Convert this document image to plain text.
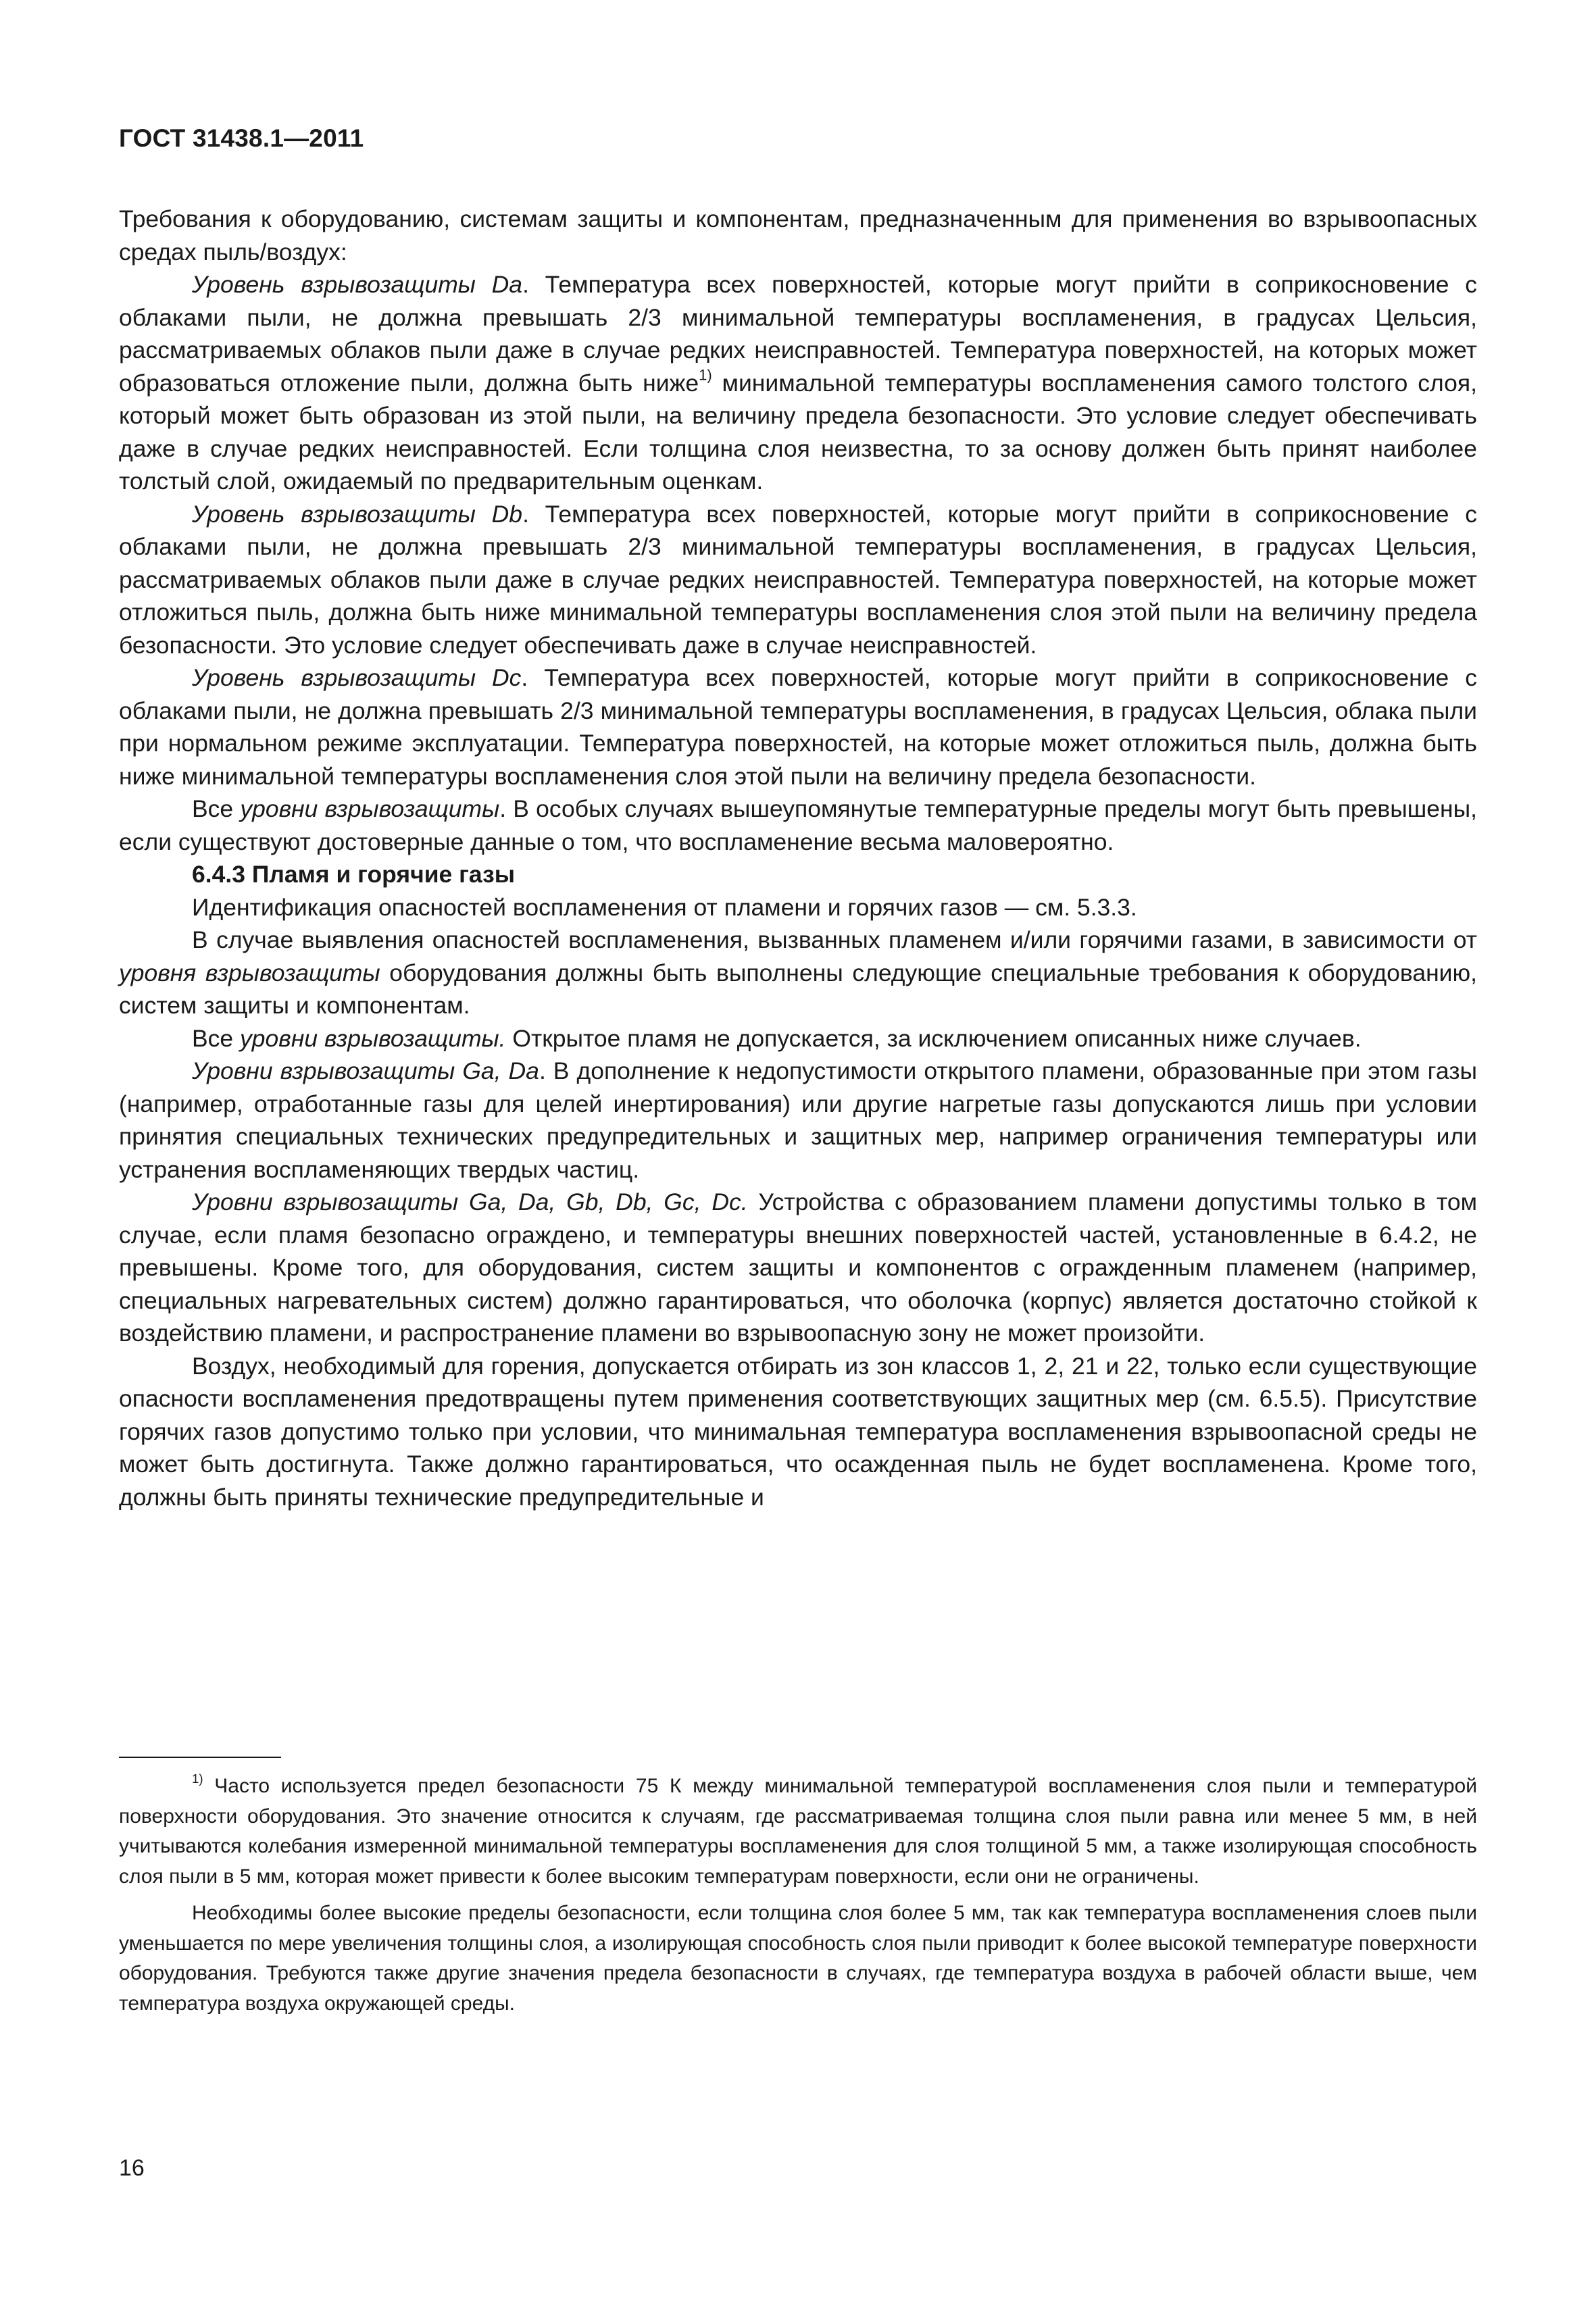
ГОСТ 31438.1—2011

Требования к оборудованию, системам защиты и компонентам, предназначенным для применения во взрывоопасных средах пыль/воздух:

Уровень взрывозащиты Da. Температура всех поверхностей, которые могут прийти в соприкосновение с облаками пыли, не должна превышать 2/3 минимальной температуры воспламенения, в градусах Цельсия, рассматриваемых облаков пыли даже в случае редких неисправностей. Температура поверхностей, на которых может образоваться отложение пыли, должна быть ниже$^{1)}$ минимальной температуры воспламенения самого толстого слоя, который может быть образован из этой пыли, на величину предела безопасности. Это условие следует обеспечивать даже в случае редких неисправностей. Если толщина слоя неизвестна, то за основу должен быть принят наиболее толстый слой, ожидаемый по предварительным оценкам.

Уровень взрывозащиты Db. Температура всех поверхностей, которые могут прийти в соприкосновение с облаками пыли, не должна превышать 2/3 минимальной температуры воспламенения, в градусах Цельсия, рассматриваемых облаков пыли даже в случае редких неисправностей. Температура поверхностей, на которые может отложиться пыль, должна быть ниже минимальной температуры воспламенения слоя этой пыли на величину предела безопасности. Это условие следует обеспечивать даже в случае неисправностей.

Уровень взрывозащиты Dc. Температура всех поверхностей, которые могут прийти в соприкосновение с облаками пыли, не должна превышать 2/3 минимальной температуры воспламенения, в градусах Цельсия, облака пыли при нормальном режиме эксплуатации. Температура поверхностей, на которые может отложиться пыль, должна быть ниже минимальной температуры воспламенения слоя этой пыли на величину предела безопасности.

Все уровни взрывозащиты. В особых случаях вышеупомянутые температурные пределы могут быть превышены, если существуют достоверные данные о том, что воспламенение весьма маловероятно.

6.4.3 Пламя и горячие газы

Идентификация опасностей воспламенения от пламени и горячих газов — см. 5.3.3.

В случае выявления опасностей воспламенения, вызванных пламенем и/или горячими газами, в зависимости от уровня взрывозащиты оборудования должны быть выполнены следующие специальные требования к оборудованию, систем защиты и компонентам.

Все уровни взрывозащиты. Открытое пламя не допускается, за исключением описанных ниже случаев.

Уровни взрывозащиты Ga, Da. В дополнение к недопустимости открытого пламени, образованные при этом газы (например, отработанные газы для целей инертирования) или другие нагретые газы допускаются лишь при условии принятия специальных технических предупредительных и защитных мер, например ограничения температуры или устранения воспламеняющих твердых частиц.

Уровни взрывозащиты Ga, Da, Gb, Db, Gc, Dc. Устройства с образованием пламени допустимы только в том случае, если пламя безопасно ограждено, и температуры внешних поверхностей частей, установленные в 6.4.2, не превышены. Кроме того, для оборудования, систем защиты и компонентов с огражденным пламенем (например, специальных нагревательных систем) должно гарантироваться, что оболочка (корпус) является достаточно стойкой к воздействию пламени, и распространение пламени во взрывоопасную зону не может произойти.

Воздух, необходимый для горения, допускается отбирать из зон классов 1, 2, 21 и 22, только если существующие опасности воспламенения предотвращены путем применения соответствующих защитных мер (см. 6.5.5). Присутствие горячих газов допустимо только при условии, что минимальная температура воспламенения взрывоопасной среды не может быть достигнута. Также должно гарантироваться, что осажденная пыль не будет воспламенена. Кроме того, должны быть приняты технические предупредительные и

$^{1)}$ Часто используется предел безопасности 75 К между минимальной температурой воспламенения слоя пыли и температурой поверхности оборудования. Это значение относится к случаям, где рассматриваемая толщина слоя пыли равна или менее 5 мм, в ней учитываются колебания измеренной минимальной температуры воспламенения для слоя толщиной 5 мм, а также изолирующая способность слоя пыли в 5 мм, которая может привести к более высоким температурам поверхности, если они не ограничены.

Необходимы более высокие пределы безопасности, если толщина слоя более 5 мм, так как температура воспламенения слоев пыли уменьшается по мере увеличения толщины слоя, а изолирующая способность слоя пыли приводит к более высокой температуре поверхности оборудования. Требуются также другие значения предела безопасности в случаях, где температура воздуха в рабочей области выше, чем температура воздуха окружающей среды.

16
